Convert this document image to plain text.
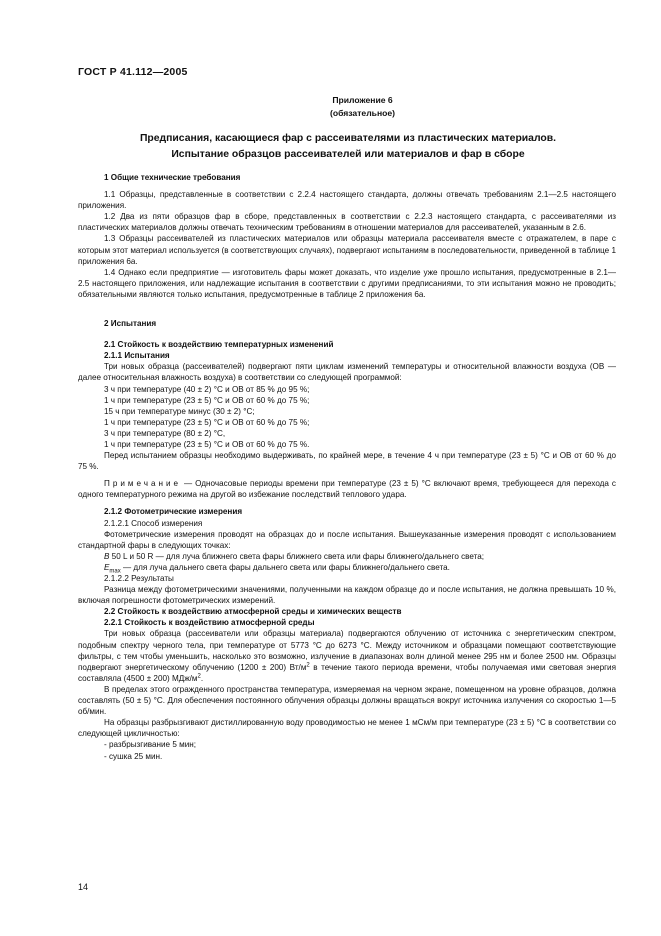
ГОСТ Р 41.112—2005
Приложение 6
(обязательное)
Предписания, касающиеся фар с рассеивателями из пластических материалов.
Испытание образцов рассеивателей или материалов и фар в сборе

1 Общие технические требования

1.1 Образцы, представленные в соответствии с 2.2.4 настоящего стандарта, должны отвечать требованиям 2.1—2.5 настоящего приложения.

1.2 Два из пяти образцов фар в сборе, представленных в соответствии с 2.2.3 настоящего стандарта, с рассеивателями из пластических материалов должны отвечать техническим требованиям в отношении материалов для рассеивателей, указанным в 2.6.

1.3 Образцы рассеивателей из пластических материалов или образцы материала рассеивателя вместе с отражателем, в паре с которым этот материал используется (в соответствующих случаях), подвергают испытаниям в последовательности, приведенной в таблице 1 приложения 6а.

1.4 Однако если предприятие — изготовитель фары может доказать, что изделие уже прошло испытания, предусмотренные в 2.1—2.5 настоящего приложения, или надлежащие испытания в соответствии с другими предписаниями, то эти испытания можно не проводить; обязательными являются только испытания, предусмотренные в таблице 2 приложения 6а.

2 Испытания

2.1 Стойкость к воздействию температурных изменений

2.1.1 Испытания

Три новых образца (рассеивателей) подвергают пяти циклам изменений температуры и относительной влажности воздуха (ОВ — далее относительная влажность воздуха) в соответствии со следующей программой:

3 ч при температуре (40 ± 2) °С и ОВ от 85 % до 95 %;

1 ч при температуре (23 ± 5) °С и ОВ от 60 % до 75 %;

15 ч при температуре минус (30 ± 2) °С;

1 ч при температуре (23 ± 5) °С и ОВ от 60 % до 75 %;

3 ч при температуре (80 ± 2) °С,

1 ч при температуре (23 ± 5) °С и ОВ от 60 % до 75 %.

Перед испытанием образцы необходимо выдерживать, по крайней мере, в течение 4 ч при температуре (23 ± 5) °С и ОВ от 60 % до 75 %.

Примечание — Одночасовые периоды времени при температуре (23 ± 5) °С включают время, требующееся для перехода с одного температурного режима на другой во избежание последствий теплового удара.

2.1.2 Фотометрические измерения

2.1.2.1 Способ измерения

Фотометрические измерения проводят на образцах до и после испытания. Вышеуказанные измерения проводят с использованием стандартной фары в следующих точках:

B 50 L и 50 R — для луча ближнего света фары ближнего света или фары ближнего/дальнего света;

$E_{max}$ — для луча дальнего света фары дальнего света или фары ближнего/дальнего света.

2.1.2.2 Результаты

Разница между фотометрическими значениями, полученными на каждом образце до и после испытания, не должна превышать 10 %, включая погрешности фотометрических измерений.

2.2 Стойкость к воздействию атмосферной среды и химических веществ

2.2.1 Стойкость к воздействию атмосферной среды

Три новых образца (рассеиватели или образцы материала) подвергаются облучению от источника с энергетическим спектром, подобным спектру черного тела, при температуре от 5773 °С до 6273 °С. Между источником и образцами помещают соответствующие фильтры, с тем чтобы уменьшить, насколько это возможно, излучение в диапазонах волн длиной менее 295 нм и более 2500 нм. Образцы подвергают энергетическому облучению (1200 ± 200) $Вт/м^2$ в течение такого периода времени, чтобы получаемая ими световая энергия составляла (4500 ± 200) МДж/$м^2$.

В пределах этого огражденного пространства температура, измеряемая на черном экране, помещенном на уровне образцов, должна составлять (50 ± 5) °С. Для обеспечения постоянного облучения образцы должны вращаться вокруг источника излучения со скоростью 1—5 об/мин.

На образцы разбрызгивают дистиллированную воду проводимостью не менее 1 мСм/м при температуре (23 ± 5) °С в соответствии со следующей цикличностью:

- разбрызгивание 5 мин;

- сушка 25 мин.

14
